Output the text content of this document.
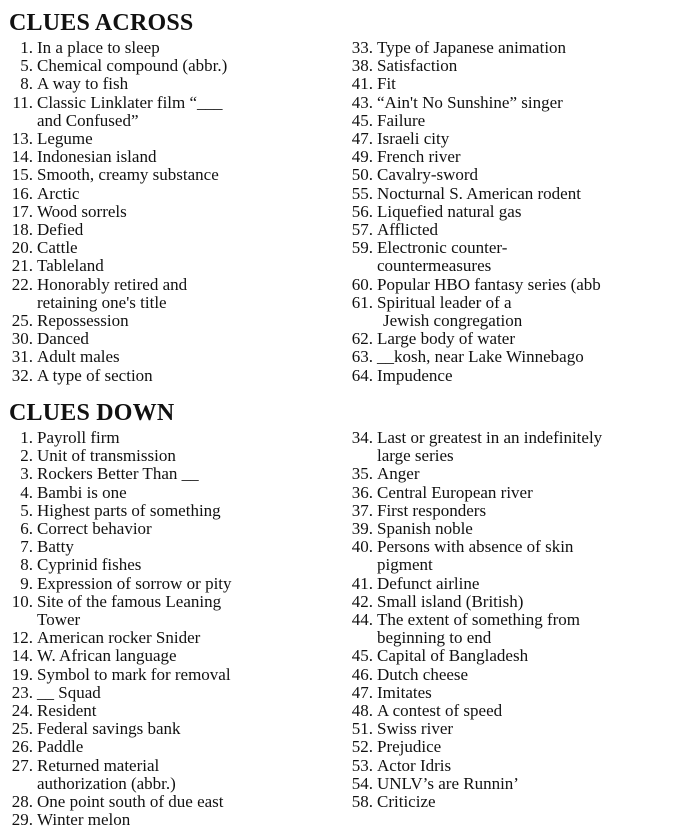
CLUES ACROSS
1. In a place to sleep
5. Chemical compound (abbr.)
8. A way to fish
11. Classic Linklater film “___
and Confused”
13. Legume
14. Indonesian island
15. Smooth, creamy substance
16. Arctic
17. Wood sorrels
18. Defied
20. Cattle
21. Tableland
22. Honorably retired and
retaining one's title
25. Repossession
30. Danced
31. Adult males
32. A type of section
33. Type of Japanese animation
38. Satisfaction
41. Fit
43. “Ain't No Sunshine” singer
45. Failure
47. Israeli city
49. French river
50. Cavalry-sword
55. Nocturnal S. American rodent
56. Liquefied natural gas
57. Afflicted
59. Electronic counter-
countermeasures
60. Popular HBO fantasy series (abb
61. Spiritual leader of a
Jewish congregation
62. Large body of water
63. __kosh, near Lake Winnebago
64. Impudence
CLUES DOWN
1. Payroll firm
2. Unit of transmission
3. Rockers Better Than __
4. Bambi is one
5. Highest parts of something
6. Correct behavior
7. Batty
8. Cyprinid fishes
9. Expression of sorrow or pity
10. Site of the famous Leaning
Tower
12. American rocker Snider
14. W. African language
19. Symbol to mark for removal
23. __ Squad
24. Resident
25. Federal savings bank
26. Paddle
27. Returned material
authorization (abbr.)
28. One point south of due east
29. Winter melon
34. Last or greatest in an indefinitely
large series
35. Anger
36. Central European river
37. First responders
39. Spanish noble
40. Persons with absence of skin
pigment
41. Defunct airline
42. Small island (British)
44. The extent of something from
beginning to end
45. Capital of Bangladesh
46. Dutch cheese
47. Imitates
48. A contest of speed
51. Swiss river
52. Prejudice
53. Actor Idris
54. UNLV’s are Runnin’
58. Criticize
